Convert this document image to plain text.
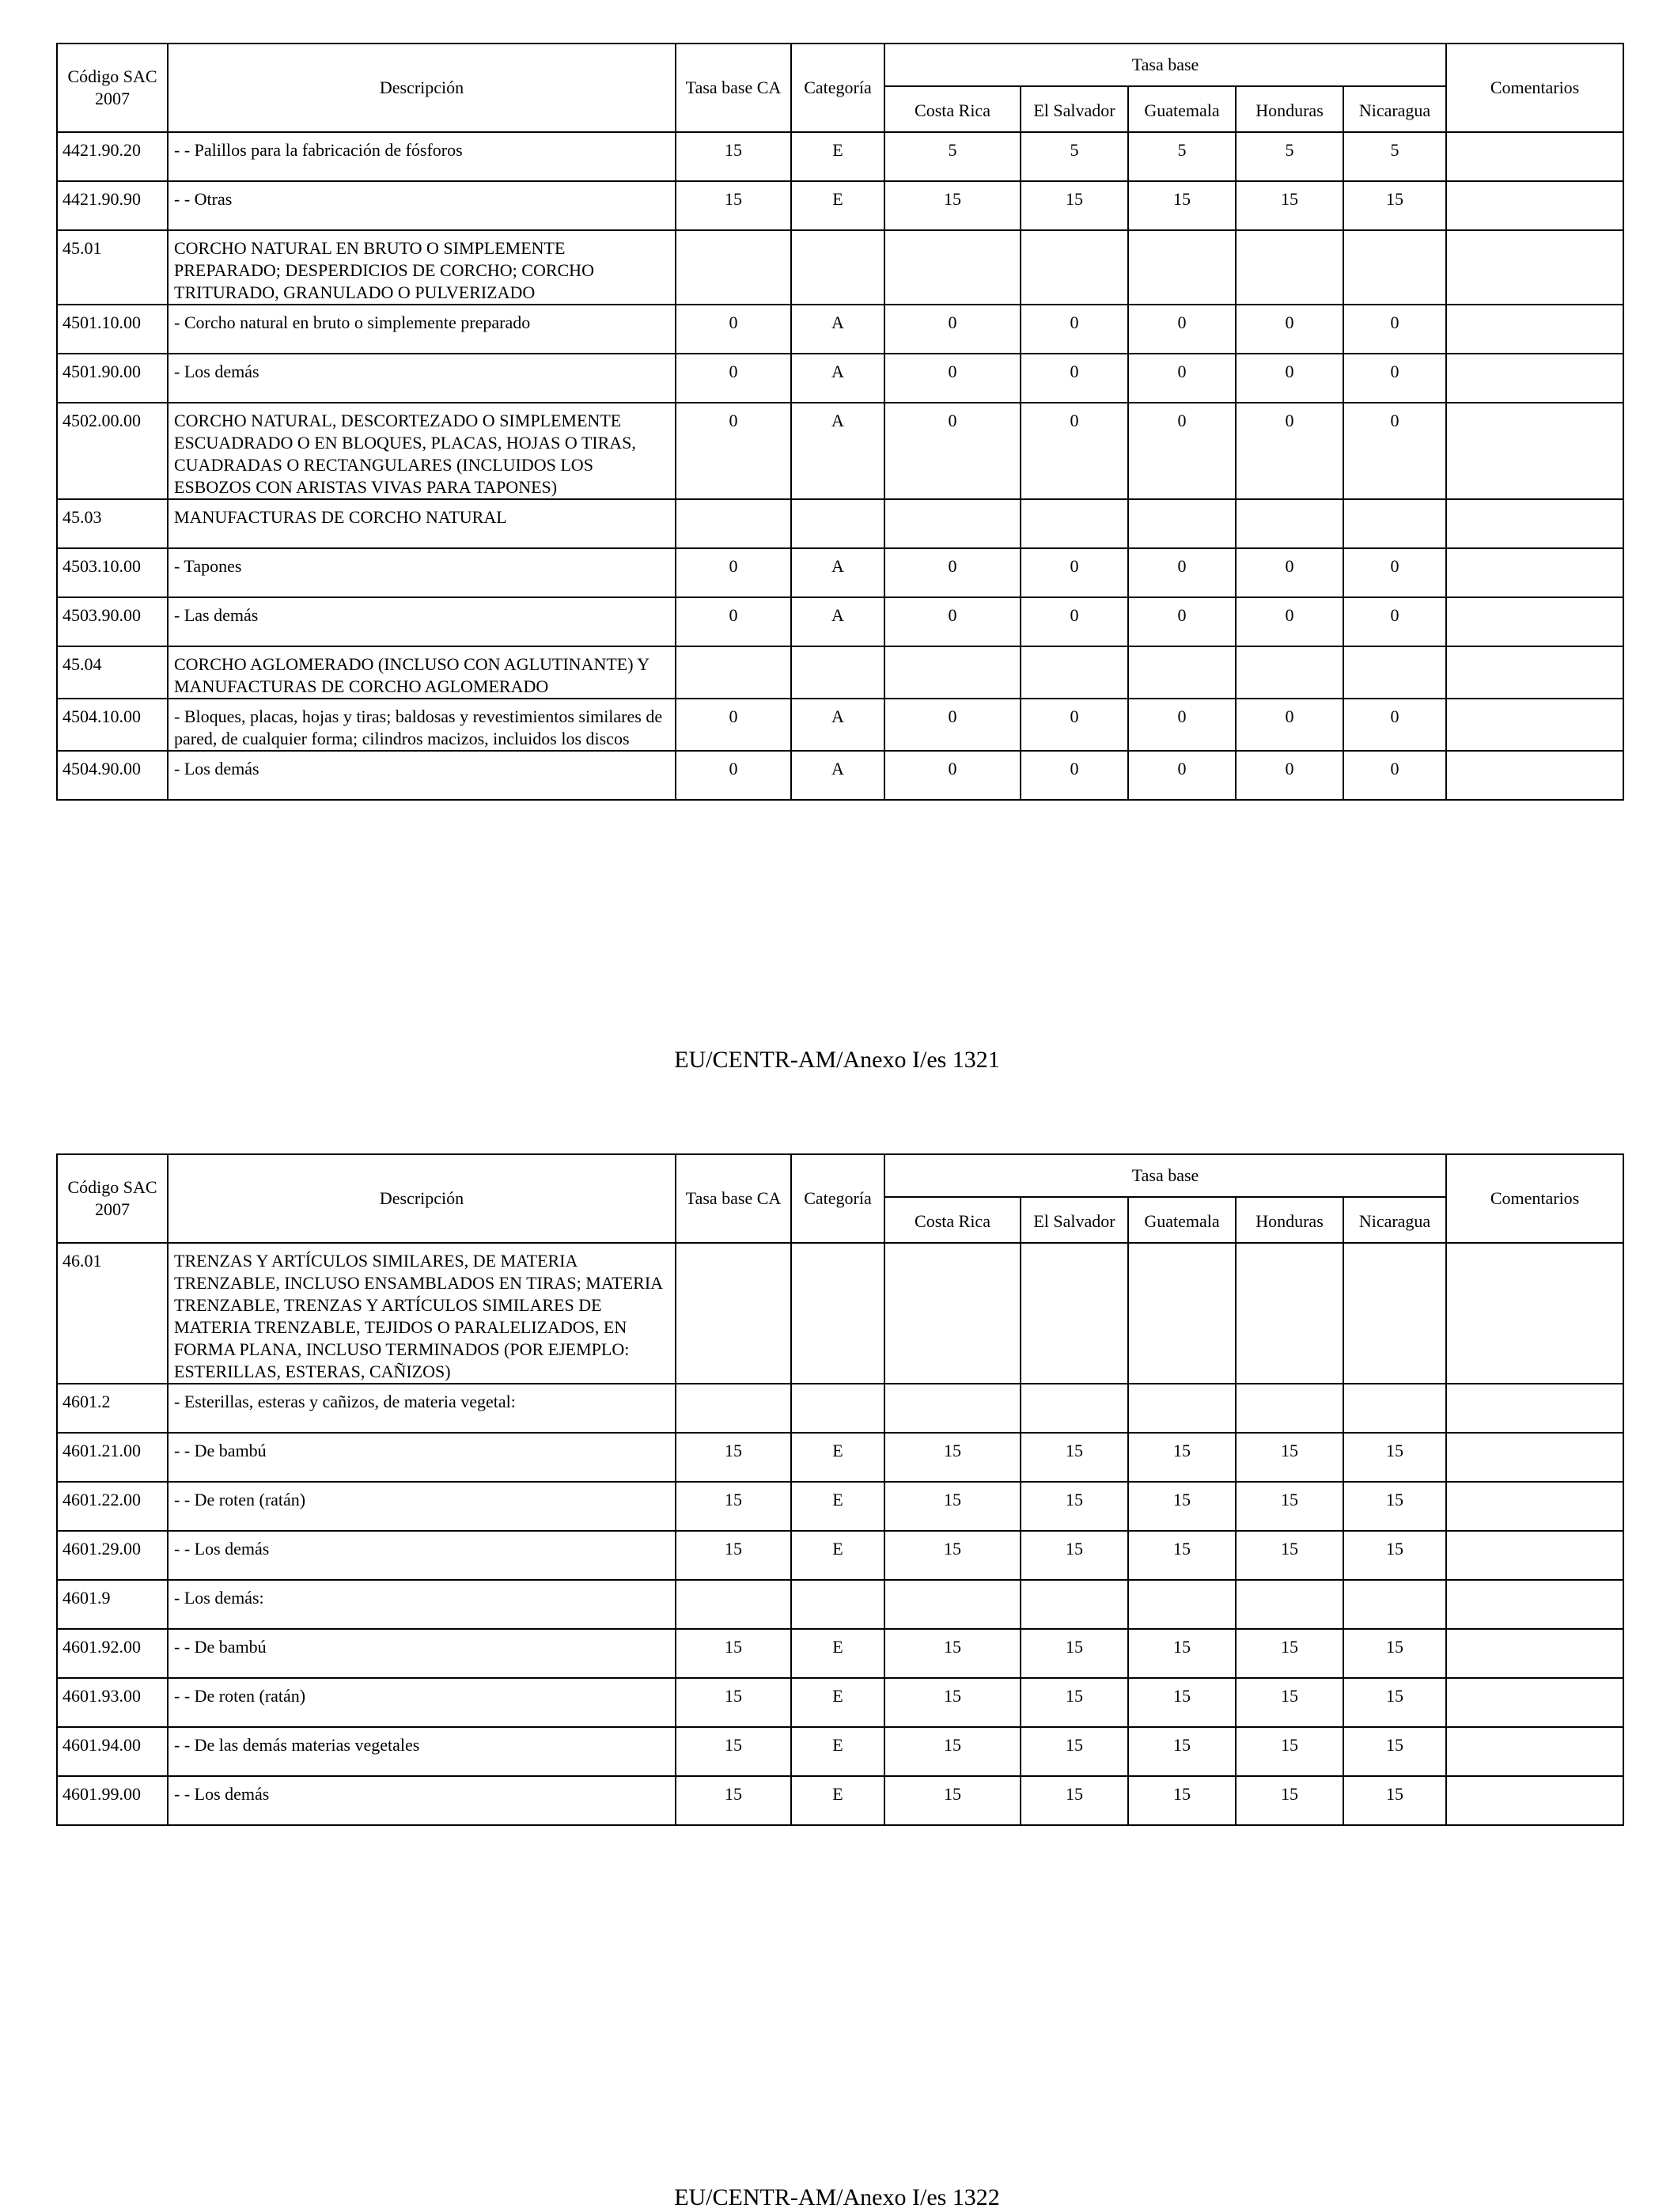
Código SAC 2007	Descripción	Tasa base CA	Categoría	Tasa base					Comentarios
				Costa Rica	El Salvador	Guatemala	Honduras	Nicaragua	
4421.90.20	- - Palillos para la fabricación de fósforos	15	E	5	5	5	5	5	
4421.90.90	- - Otras	15	E	15	15	15	15	15	
45.01	CORCHO NATURAL EN BRUTO O SIMPLEMENTE PREPARADO; DESPERDICIOS DE CORCHO; CORCHO TRITURADO, GRANULADO O PULVERIZADO								
4501.10.00	- Corcho natural en bruto o simplemente preparado	0	A	0	0	0	0	0	
4501.90.00	- Los demás	0	A	0	0	0	0	0	
4502.00.00	CORCHO NATURAL, DESCORTEZADO O SIMPLEMENTE ESCUADRADO O EN BLOQUES, PLACAS, HOJAS O TIRAS, CUADRADAS O RECTANGULARES (INCLUIDOS LOS ESBOZOS CON ARISTAS VIVAS PARA TAPONES)	0	A	0	0	0	0	0	
45.03	MANUFACTURAS DE CORCHO NATURAL								
4503.10.00	- Tapones	0	A	0	0	0	0	0	
4503.90.00	- Las demás	0	A	0	0	0	0	0	
45.04	CORCHO AGLOMERADO (INCLUSO CON AGLUTINANTE) Y MANUFACTURAS DE CORCHO AGLOMERADO								
4504.10.00	- Bloques, placas, hojas y tiras; baldosas y revestimientos similares de pared, de cualquier forma; cilindros macizos, incluidos los discos	0	A	0	0	0	0	0	
4504.90.00	- Los demás	0	A	0	0	0	0	0	
EU/CENTR-AM/Anexo I/es 1321
Código SAC 2007	Descripción	Tasa base CA	Categoría	Tasa base					Comentarios
				Costa Rica	El Salvador	Guatemala	Honduras	Nicaragua	
46.01	TRENZAS Y ARTÍCULOS SIMILARES, DE MATERIA TRENZABLE, INCLUSO ENSAMBLADOS EN TIRAS; MATERIA TRENZABLE, TRENZAS Y ARTÍCULOS SIMILARES DE MATERIA TRENZABLE, TEJIDOS O PARALELIZADOS, EN FORMA PLANA, INCLUSO TERMINADOS (POR EJEMPLO: ESTERILLAS, ESTERAS, CAÑIZOS)								
4601.2	- Esterillas, esteras y cañizos, de materia vegetal:								
4601.21.00	- - De bambú	15	E	15	15	15	15	15	
4601.22.00	- - De roten (ratán)	15	E	15	15	15	15	15	
4601.29.00	- - Los demás	15	E	15	15	15	15	15	
4601.9	- Los demás:								
4601.92.00	- - De bambú	15	E	15	15	15	15	15	
4601.93.00	- - De roten (ratán)	15	E	15	15	15	15	15	
4601.94.00	- - De las demás materias vegetales	15	E	15	15	15	15	15	
4601.99.00	- - Los demás	15	E	15	15	15	15	15	
EU/CENTR-AM/Anexo I/es 1322
